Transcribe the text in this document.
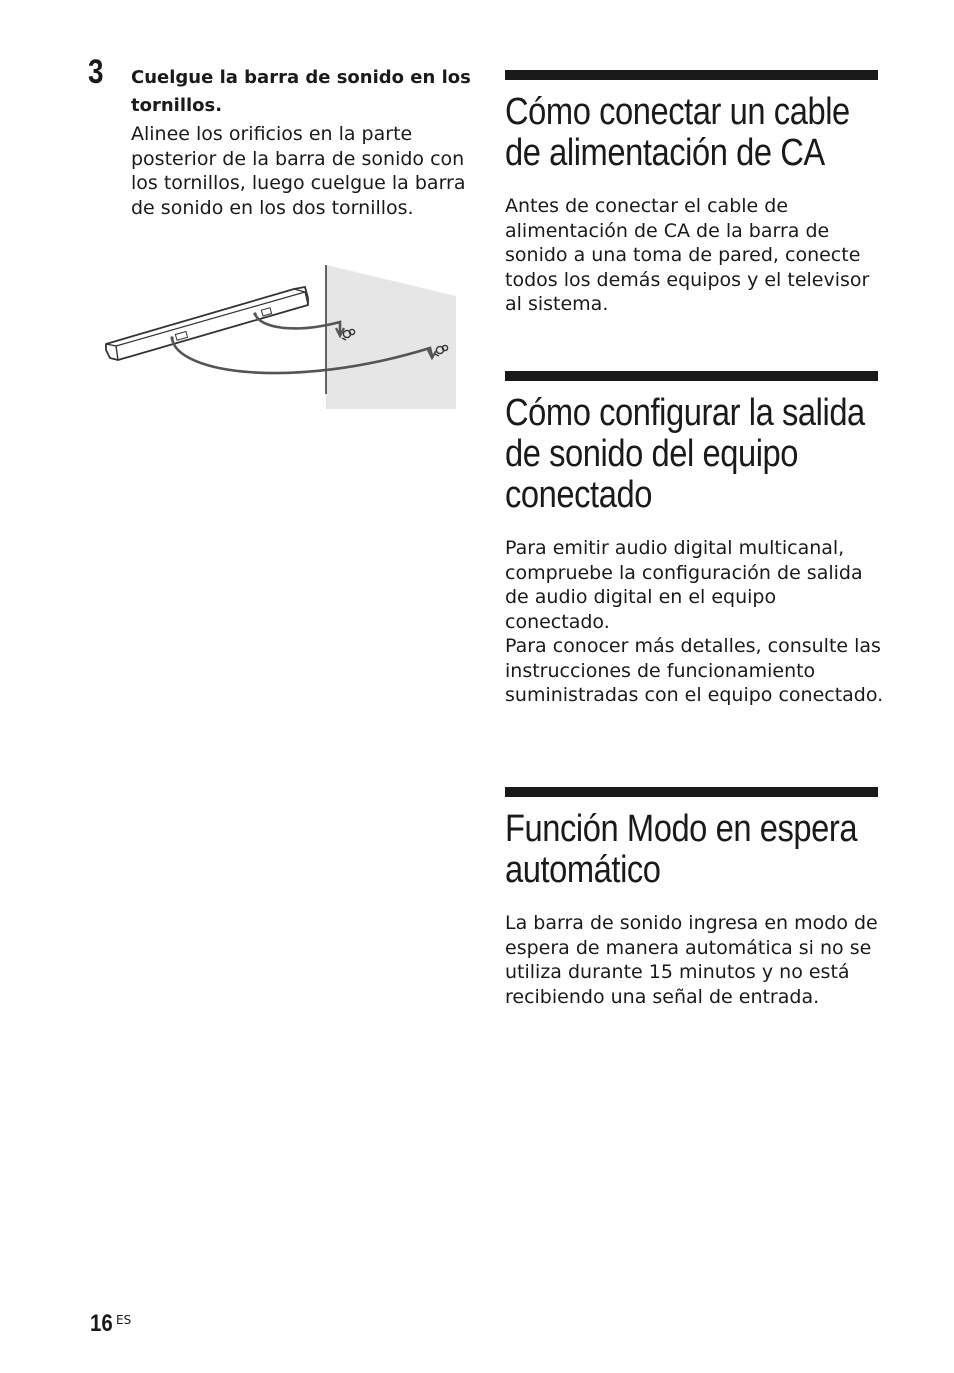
3 Cuelgue la barra de sonido en los tornillos.

Alinee los orificios en la parte posterior de la barra de sonido con los tornillos, luego cuelgue la barra de sonido en los dos tornillos.

Cómo conectar un cable de alimentación de CA

Antes de conectar el cable de alimentación de CA de la barra de sonido a una toma de pared, conecte todos los demás equipos y el televisor al sistema.

Cómo configurar la salida de sonido del equipo conectado

Para emitir audio digital multicanal, compruebe la configuración de salida de audio digital en el equipo conectado.

Para conocer más detalles, consulte las instrucciones de funcionamiento suministradas con el equipo conectado.

Función Modo en espera automático

La barra de sonido ingresa en modo de espera de manera automática si no se utiliza durante 15 minutos y no está recibiendo una señal de entrada.

16 ES
